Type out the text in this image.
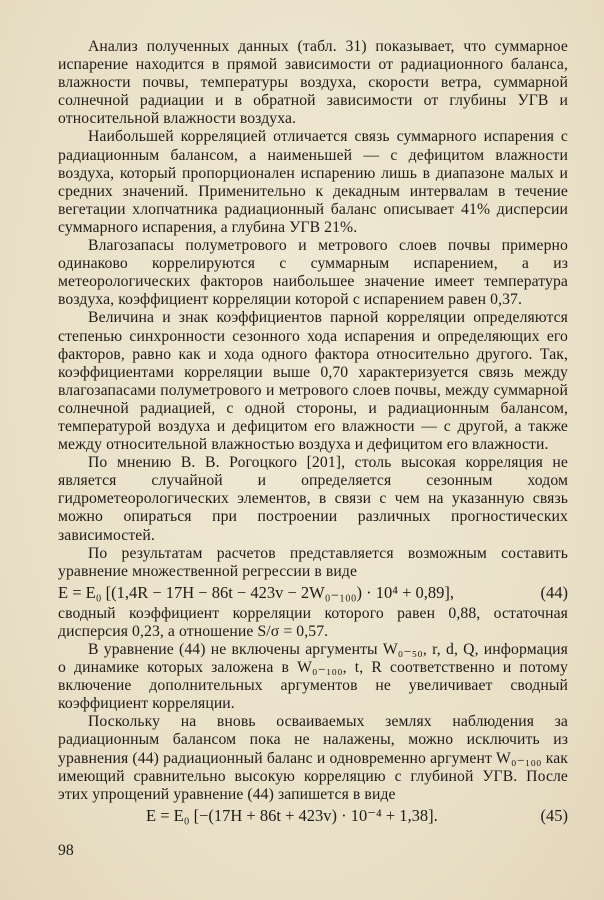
Анализ полученных данных (табл. 31) показывает, что суммарное испарение находится в прямой зависимости от радиационного баланса, влажности почвы, температуры воздуха, скорости ветра, суммарной солнечной радиации и в обратной зависимости от глубины УГВ и относительной влажности воздуха.

Наибольшей корреляцией отличается связь суммарного испарения с радиационным балансом, а наименьшей — с дефицитом влажности воздуха, который пропорционален испарению лишь в диапазоне малых и средних значений. Применительно к декадным интервалам в течение вегетации хлопчатника радиационный баланс описывает 41% дисперсии суммарного испарения, а глубина УГВ 21%.

Влагозапасы полуметрового и метрового слоев почвы примерно одинаково коррелируются с суммарным испарением, а из метеорологических факторов наибольшее значение имеет температура воздуха, коэффициент корреляции которой с испарением равен 0,37.

Величина и знак коэффициентов парной корреляции определяются степенью синхронности сезонного хода испарения и определяющих его факторов, равно как и хода одного фактора относительно другого. Так, коэффициентами корреляции выше 0,70 характеризуется связь между влагозапасами полуметрового и метрового слоев почвы, между суммарной солнечной радиацией, с одной стороны, и радиационным балансом, температурой воздуха и дефицитом его влажности — с другой, а также между относительной влажностью воздуха и дефицитом его влажности.

По мнению В. В. Рогоцкого [201], столь высокая корреляция не является случайной и определяется сезонным ходом гидрометеорологических элементов, в связи с чем на указанную связь можно опираться при построении различных прогностических зависимостей.

По результатам расчетов представляется возможным составить уравнение множественной регрессии в виде

E = E₀ [(1,4R − 17H − 86t − 423v − 2W₀₋₁₀₀) · 10⁴ + 0,89],	(44)

сводный коэффициент корреляции которого равен 0,88, остаточная дисперсия 0,23, а отношение S/σ = 0,57.

В уравнение (44) не включены аргументы W₀₋₅₀, r, d, Q, информация о динамике которых заложена в W₀₋₁₀₀, t, R соответственно и потому включение дополнительных аргументов не увеличивает сводный коэффициент корреляции.

Поскольку на вновь осваиваемых землях наблюдения за радиационным балансом пока не налажены, можно исключить из уравнения (44) радиационный баланс и одновременно аргумент W₀₋₁₀₀ как имеющий сравнительно высокую корреляцию с глубиной УГВ. После этих упрощений уравнение (44) запишется в виде

E = E₀ [−(17H + 86t + 423v) · 10⁻⁴ + 1,38].	(45)
98
